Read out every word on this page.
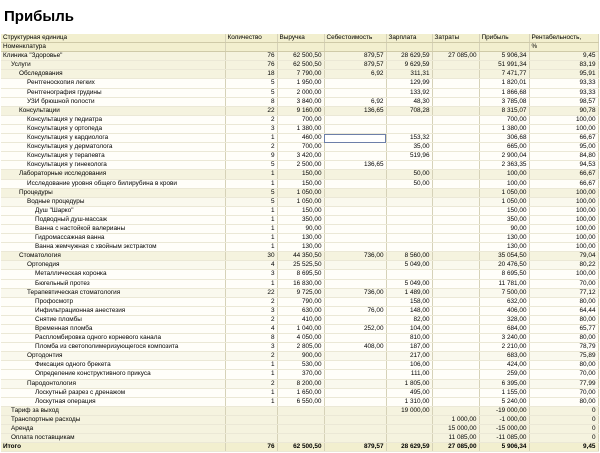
Прибыль
Структурная единица	Количество	Выручка	Себестоимость	Зарплата	Затраты	Прибыль	Рентабельность,
Номенклатура							%
Клиника "Здоровье"	76	62 500,50	879,57	28 629,59	27 085,00	5 906,34	9,45
Услуги	76	62 500,50	879,57	9 629,59		51 991,34	83,19
Обследования	18	7 790,00	6,92	311,31		7 471,77	95,91
Рентгеноскопия легких	5	1 950,00		129,99		1 820,01	93,33
Рентгенография грудины	5	2 000,00		133,92		1 866,68	93,33
УЗИ брюшной полости	8	3 840,00	6,92	48,30		3 785,08	98,57
Консультации	22	9 160,00	136,65	708,28		8 315,07	90,78
Консультация у педиатра	2	700,00				700,00	100,00
Консультация у ортопеда	3	1 380,00				1 380,00	100,00
Консультация у кардиолога	1	460,00		153,32		306,68	66,67
Консультация у дерматолога	2	700,00		35,00		665,00	95,00
Консультация у терапевта	9	3 420,00		519,96		2 900,04	84,80
Консультация у гинеколога	5	2 500,00	136,65			2 363,35	94,53
Лабораторные исследования	1	150,00		50,00		100,00	66,67
Исследование уровня общего билирубина в крови	1	150,00		50,00		100,00	66,67
Процедуры	5	1 050,00				1 050,00	100,00
Водные процедуры	5	1 050,00				1 050,00	100,00
Душ "Шарко"	1	150,00				150,00	100,00
Подводный душ-массаж	1	350,00				350,00	100,00
Ванна с настойкой валерианы	1	90,00				90,00	100,00
Гидромассажная ванна	1	130,00				130,00	100,00
Ванна жемчужная с хвойным экстрактом	1	130,00				130,00	100,00
Стоматология	30	44 350,50	736,00	8 560,00		35 054,50	79,04
Ортопедия	4	25 525,50		5 049,00		20 476,50	80,22
Металлическая коронка	3	8 695,50				8 695,50	100,00
Бюгельный протез	1	16 830,00		5 049,00		11 781,00	70,00
Терапевтическая стоматология	22	9 725,00	736,00	1 489,00		7 500,00	77,12
Профосмотр	2	790,00		158,00		632,00	80,00
Инфильтрационная анестезия	3	630,00	76,00	148,00		406,00	64,44
Снятие пломбы	2	410,00		82,00		328,00	80,00
Временная пломба	4	1 040,00	252,00	104,00		684,00	65,77
Распломбировка одного корневого канала	8	4 050,00		810,00		3 240,00	80,00
Пломба из светополимеризующегося композита	3	2 805,00	408,00	187,00		2 210,00	78,79
Ортодонтия	2	900,00		217,00		683,00	75,89
Фиксация одного брекета	1	530,00		106,00		424,00	80,00
Определение конструктивного прикуса	1	370,00		111,00		259,00	70,00
Пародонтология	2	8 200,00		1 805,00		6 395,00	77,99
Лоскутный разрез с дренажом	1	1 650,00		495,00		1 155,00	70,00
Лоскутная операция	1	6 550,00		1 310,00		5 240,00	80,00
Тариф за выход				19 000,00		-19 000,00	0
Транспортные расходы					1 000,00	-1 000,00	0
Аренда					15 000,00	-15 000,00	0
Оплата поставщикам					11 085,00	-11 085,00	0
Итого	76	62 500,50	879,57	28 629,59	27 085,00	5 906,34	9,45
